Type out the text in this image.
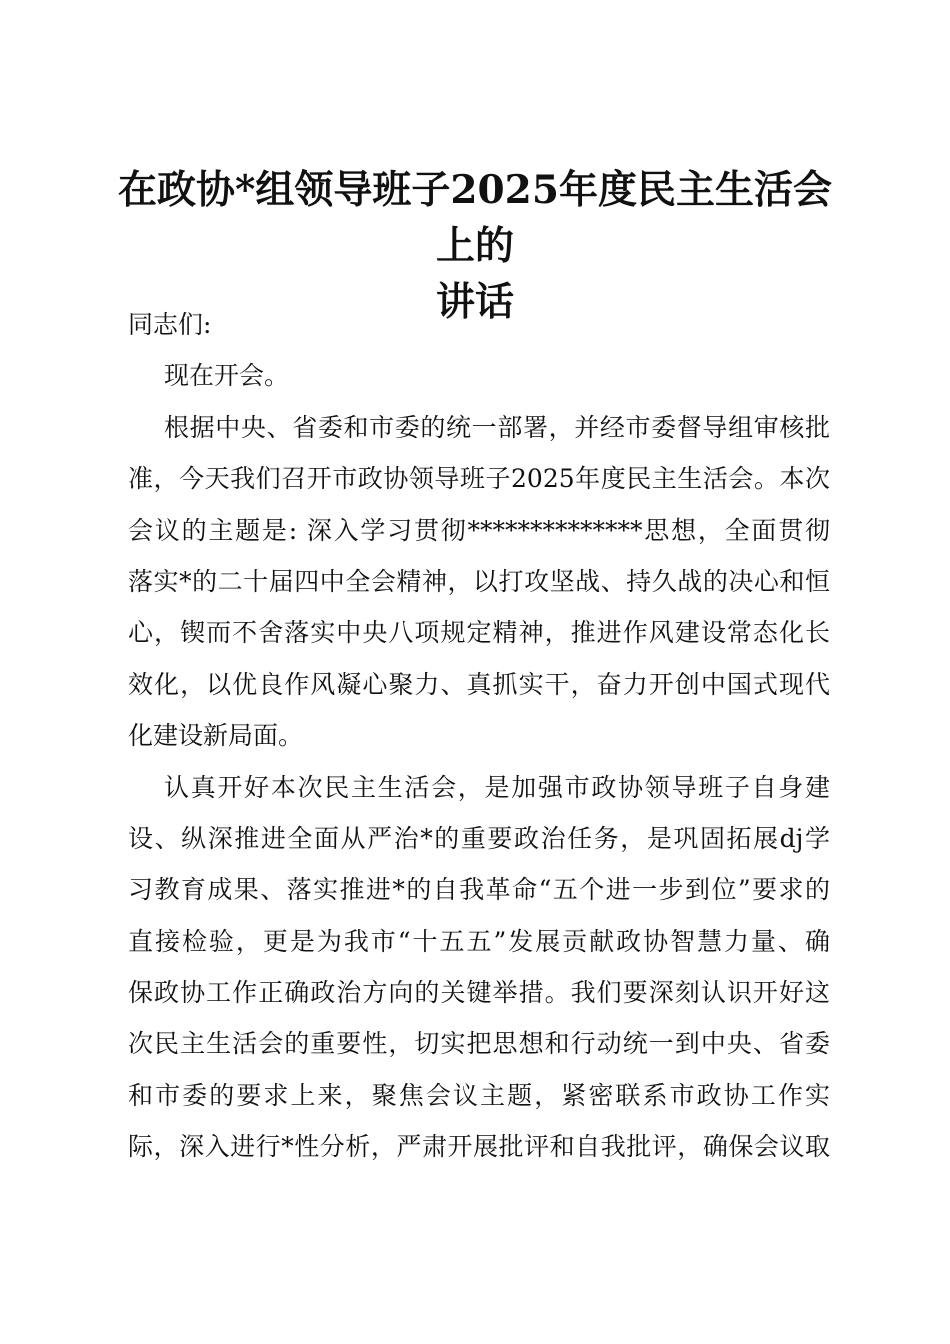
在政协*组领导班子2025年度民主生活会上的
讲话
同志们:
现在开会。
根据中央、省委和市委的统一部署，并经市委督导组审核批
准，今天我们召开市政协领导班子2025年度民主生活会。本次
会议的主题是: 深入学习贯彻**************思想，全面贯彻
落实*的二十届四中全会精神，以打攻坚战、持久战的决心和恒
心，锲而不舍落实中央八项规定精神，推进作风建设常态化长
效化，以优良作风凝心聚力、真抓实干，奋力开创中国式现代
化建设新局面。
认真开好本次民主生活会，是加强市政协领导班子自身建
设、纵深推进全面从严治*的重要政治任务，是巩固拓展dj学
习教育成果、落实推进*的自我革命“五个进一步到位”要求的
直接检验，更是为我市“十五五”发展贡献政协智慧力量、确
保政协工作正确政治方向的关键举措。我们要深刻认识开好这
次民主生活会的重要性，切实把思想和行动统一到中央、省委
和市委的要求上来，聚焦会议主题，紧密联系市政协工作实
际，深入进行*性分析，严肃开展批评和自我批评，确保会议取
